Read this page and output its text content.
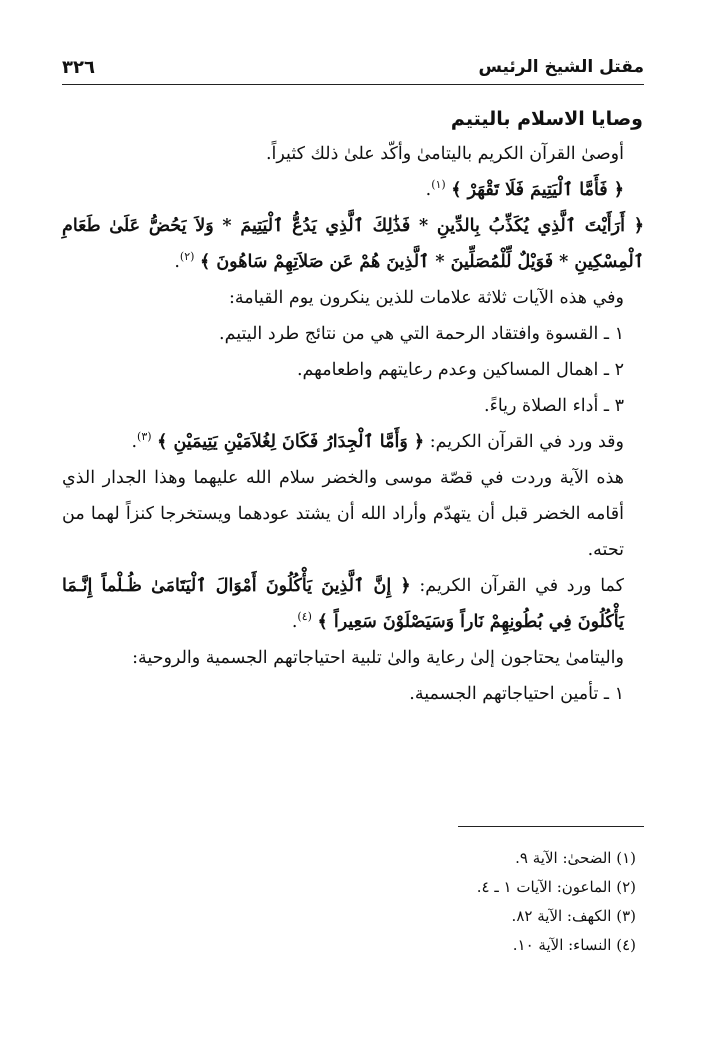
٣٢٦	مقتل الشيخ الرئيس
وصايا الاسلام باليتيم

أوصىٰ القرآن الكريم باليتامىٰ وأكّد علىٰ ذلك كثيراً.

﴿ فَأَمَّا ٱلْيَتِيمَ فَلَا تَقْهَرْ ﴾ $^{(١)}$.

﴿ أَرَأَيْتَ ٱلَّذِي يُكَذِّبُ بِالدِّينِ * فَذَٰلِكَ ٱلَّذِي يَدُعُّ ٱلْيَتِيمَ * وَلاَ يَحُضُّ عَلَىٰ طَعَامِ ٱلْمِسْكِينِ * فَوَيْلٌ لِّلْمُصَلِّينَ * ٱلَّذِينَ هُمْ عَن صَلاَتِهِمْ سَاهُونَ ﴾ $^{(٢)}$.

وفي هذه الآيات ثلاثة علامات للذين ينكرون يوم القيامة:

١ ـ القسوة وافتقاد الرحمة التي هي من نتائج طرد اليتيم.

٢ ـ اهمال المساكين وعدم رعايتهم واطعامهم.

٣ ـ أداء الصلاة رياءً.

وقد ورد في القرآن الكريم: ﴿ وَأَمَّا ٱلْجِدَارُ فَكَانَ لِغُلاَمَيْنِ يَتِيمَيْنِ ﴾ $^{(٣)}$.

هذه الآية وردت في قصّة موسى والخضر سلام الله عليهما وهذا الجدار الذي أقامه الخضر قبل أن يتهدّم وأراد الله أن يشتد عودهما ويستخرجا كنزاً لهما من تحته.

كما ورد في القرآن الكريم: ﴿ إِنَّ ٱلَّذِينَ يَأْكُلُونَ أَمْوَالَ ٱلْيَتَامَىٰ ظُـلْماً إِنَّـمَا يَأْكُلُونَ فِي بُطُونِهِمْ نَاراً وَسَيَصْلَوْنَ سَعِيراً ﴾ $^{(٤)}$.

واليتامىٰ يحتاجون إلىٰ رعاية والىٰ تلبية احتياجاتهم الجسمية والروحية:

١ ـ تأمين احتياجاتهم الجسمية.

(١) الضحىٰ: الآية ٩.

(٢) الماعون: الآيات ١ ـ ٤.

(٣) الكهف: الآية ٨٢.

(٤) النساء: الآية ١٠.
